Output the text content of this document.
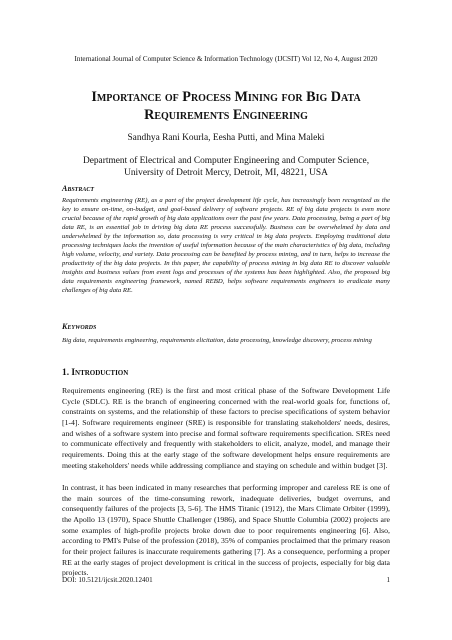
International Journal of Computer Science & Information Technology (IJCSIT) Vol 12, No 4, August 2020
Importance of Process Mining for Big Data
Requirements Engineering
Sandhya Rani Kourla, Eesha Putti, and Mina Maleki
Department of Electrical and Computer Engineering and Computer Science,
University of Detroit Mercy, Detroit, MI, 48221, USA
Abstract

Requirements engineering (RE), as a part of the project development life cycle, has increasingly been recognized as the key to ensure on-time, on-budget, and goal-based delivery of software projects. RE of big data projects is even more crucial because of the rapid growth of big data applications over the past few years. Data processing, being a part of big data RE, is an essential job in driving big data RE process successfully. Business can be overwhelmed by data and underwhelmed by the information so, data processing is very critical in big data projects. Employing traditional data processing techniques lacks the invention of useful information because of the main characteristics of big data, including high volume, velocity, and variety. Data processing can be benefited by process mining, and in turn, helps to increase the productivity of the big data projects. In this paper, the capability of process mining in big data RE to discover valuable insights and business values from event logs and processes of the systems has been highlighted. Also, the proposed big data requirements engineering framework, named REBD, helps software requirements engineers to eradicate many challenges of big data RE.

Keywords

Big data, requirements engineering, requirements elicitation, data processing, knowledge discovery, process mining

1. Introduction

Requirements engineering (RE) is the first and most critical phase of the Software Development Life Cycle (SDLC). RE is the branch of engineering concerned with the real-world goals for, functions of, constraints on systems, and the relationship of these factors to precise specifications of system behavior [1-4]. Software requirements engineer (SRE) is responsible for translating stakeholders' needs, desires, and wishes of a software system into precise and formal software requirements specification. SREs need to communicate effectively and frequently with stakeholders to elicit, analyze, model, and manage their requirements. Doing this at the early stage of the software development helps ensure requirements are meeting stakeholders' needs while addressing compliance and staying on schedule and within budget [3].

In contrast, it has been indicated in many researches that performing improper and careless RE is one of the main sources of the time-consuming rework, inadequate deliveries, budget overruns, and consequently failures of the projects [3, 5-6]. The HMS Titanic (1912), the Mars Climate Orbiter (1999), the Apollo 13 (1970), Space Shuttle Challenger (1986), and Space Shuttle Columbia (2002) projects are some examples of high-profile projects broke down due to poor requirements engineering [6]. Also, according to PMI's Pulse of the profession (2018), 35% of companies proclaimed that the primary reason for their project failures is inaccurate requirements gathering [7]. As a consequence, performing a proper RE at the early stages of project development is critical in the success of projects, especially for big data projects.

DOI: 10.5121/ijcsit.2020.12401	1
